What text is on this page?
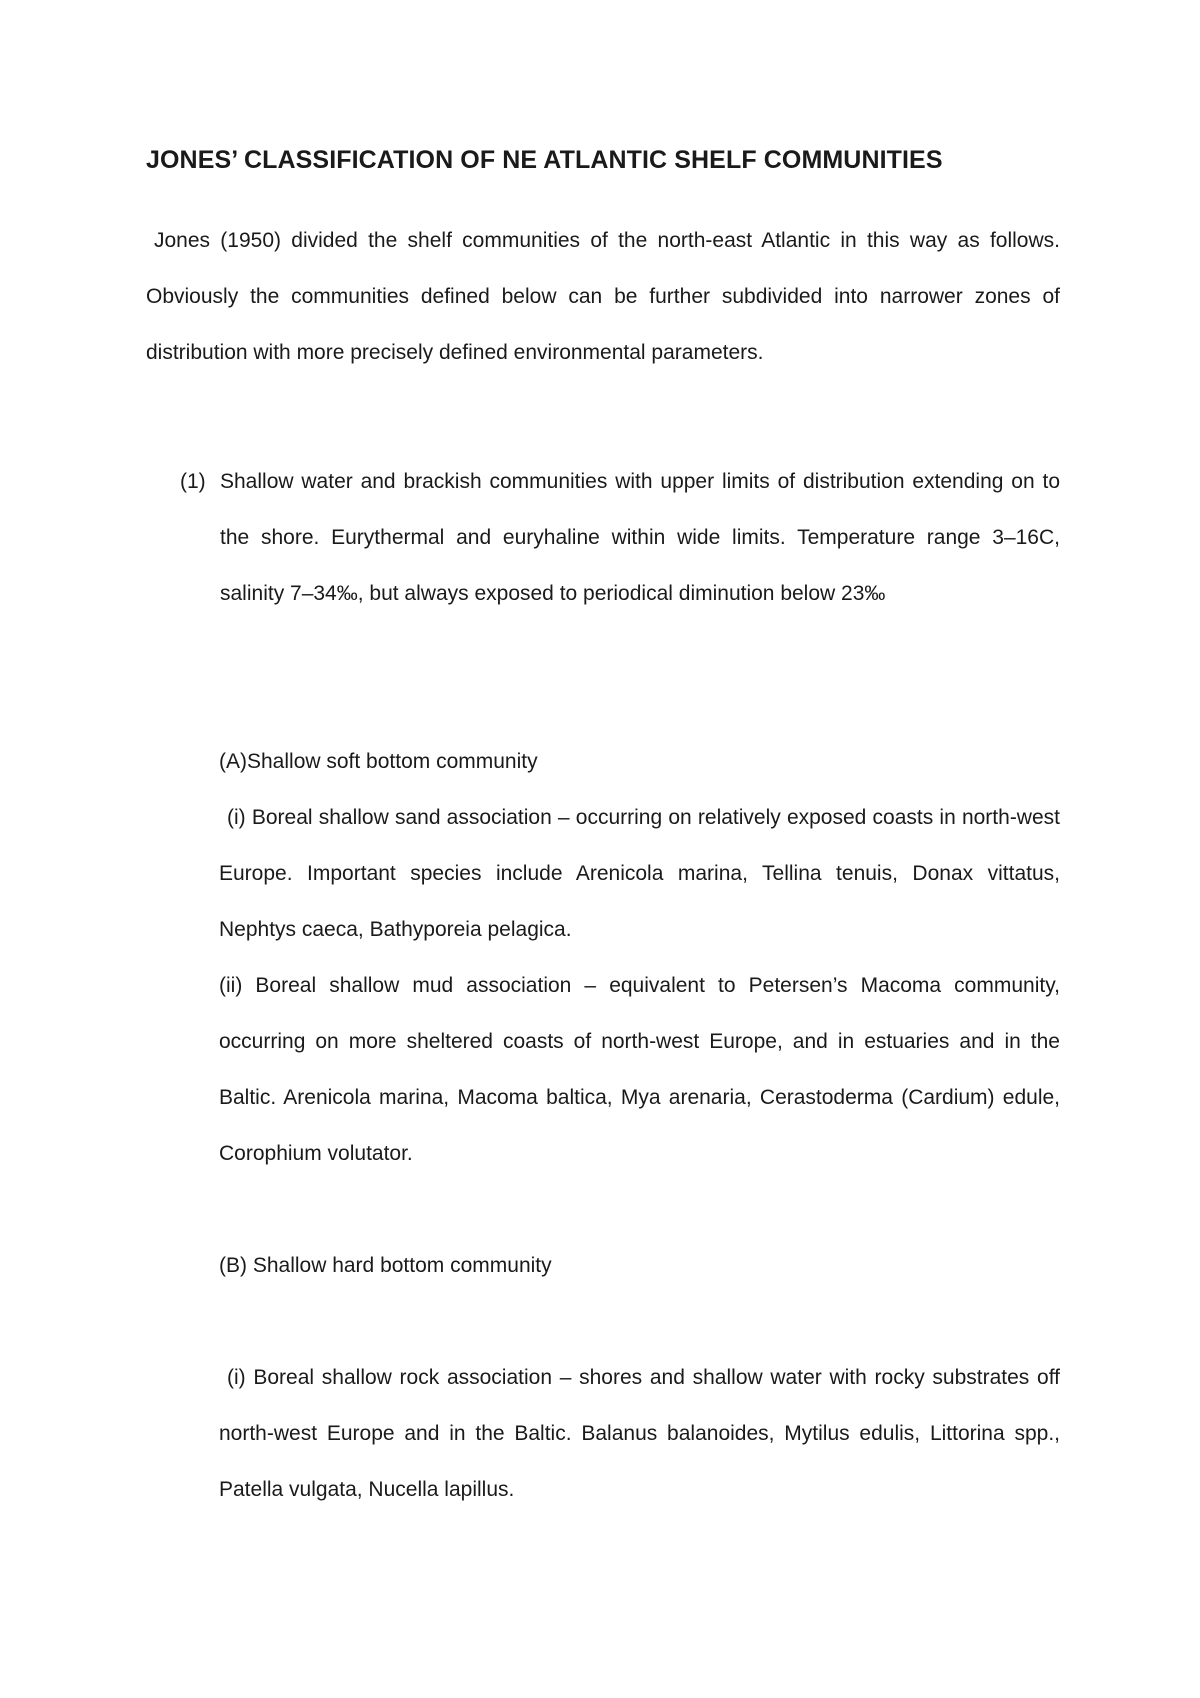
JONES’ CLASSIFICATION OF NE ATLANTIC SHELF COMMUNITIES

Jones (1950) divided the shelf communities of the north-east Atlantic in this way as follows. Obviously the communities defined below can be further subdivided into narrower zones of distribution with more precisely defined environmental parameters.

(1) Shallow water and brackish communities with upper limits of distribution extending on to the shore. Eurythermal and euryhaline within wide limits. Temperature range 3–16C, salinity 7–34‰, but always exposed to periodical diminution below 23‰

(A)Shallow soft bottom community

(i) Boreal shallow sand association – occurring on relatively exposed coasts in north-west Europe. Important species include Arenicola marina, Tellina tenuis, Donax vittatus, Nephtys caeca, Bathyporeia pelagica.

(ii) Boreal shallow mud association – equivalent to Petersen’s Macoma community, occurring on more sheltered coasts of north-west Europe, and in estuaries and in the Baltic. Arenicola marina, Macoma baltica, Mya arenaria, Cerastoderma (Cardium) edule, Corophium volutator.

(B) Shallow hard bottom community

(i) Boreal shallow rock association – shores and shallow water with rocky substrates off north-west Europe and in the Baltic. Balanus balanoides, Mytilus edulis, Littorina spp., Patella vulgata, Nucella lapillus.
